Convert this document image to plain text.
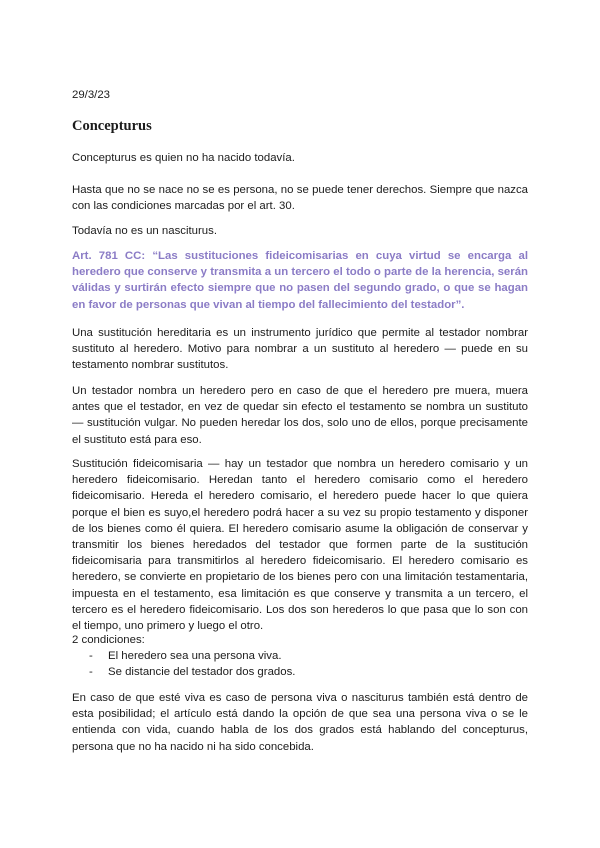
29/3/23
Concepturus

Concepturus es quien no ha nacido todavía.

Hasta que no se nace no se es persona, no se puede tener derechos. Siempre que nazca con las condiciones marcadas por el art. 30.

Todavía no es un nasciturus.

Art. 781 CC: “Las sustituciones fideicomisarias en cuya virtud se encarga al heredero que conserve y transmita a un tercero el todo o parte de la herencia, serán válidas y surtirán efecto siempre que no pasen del segundo grado, o que se hagan en favor de personas que vivan al tiempo del fallecimiento del testador”.

Una sustitución hereditaria es un instrumento jurídico que permite al testador nombrar sustituto al heredero. Motivo para nombrar a un sustituto al heredero — puede en su testamento nombrar sustitutos.

Un testador nombra un heredero pero en caso de que el heredero pre muera, muera antes que el testador, en vez de quedar sin efecto el testamento se nombra un sustituto — sustitución vulgar. No pueden heredar los dos, solo uno de ellos, porque precisamente el sustituto está para eso.

Sustitución fideicomisaria — hay un testador que nombra un heredero comisario y un heredero fideicomisario. Heredan tanto el heredero comisario como el heredero fideicomisario. Hereda el heredero comisario, el heredero puede hacer lo que quiera porque el bien es suyo,el heredero podrá hacer a su vez su propio testamento y disponer de los bienes como él quiera. El heredero comisario asume la obligación de conservar y transmitir los bienes heredados del testador que formen parte de la sustitución fideicomisaria para transmitirlos al heredero fideicomisario. El heredero comisario es heredero, se convierte en propietario de los bienes pero con una limitación testamentaria, impuesta en el testamento, esa limitación es que conserve y transmita a un tercero, el tercero es el heredero fideicomisario. Los dos son herederos lo que pasa que lo son con el tiempo, uno primero y luego el otro.

2 condiciones:
- El heredero sea una persona viva.
- Se distancie del testador dos grados.

En caso de que esté viva es caso de persona viva o nasciturus también está dentro de esta posibilidad; el artículo está dando la opción de que sea una persona viva o se le entienda con vida, cuando habla de los dos grados está hablando del concepturus, persona que no ha nacido ni ha sido concebida.
